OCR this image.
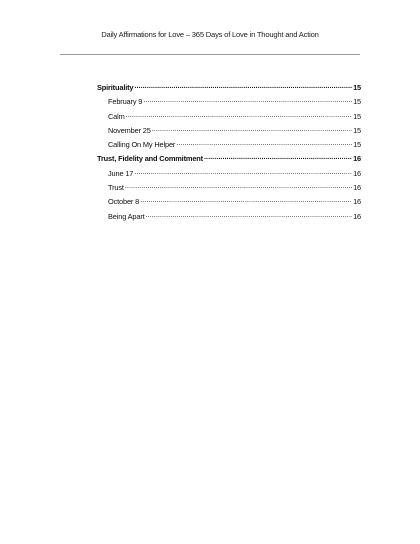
Daily Affirmations for Love – 365 Days of Love in Thought and Action
Spirituality .....	15
February 9 .....	15
Calm .....	15
November 25 .....	15
Calling On My Helper .....	15
Trust, Fidelity and Commitment .....	16
June 17 .....	16
Trust .....	16
October 8 .....	16
Being Apart .....	16
